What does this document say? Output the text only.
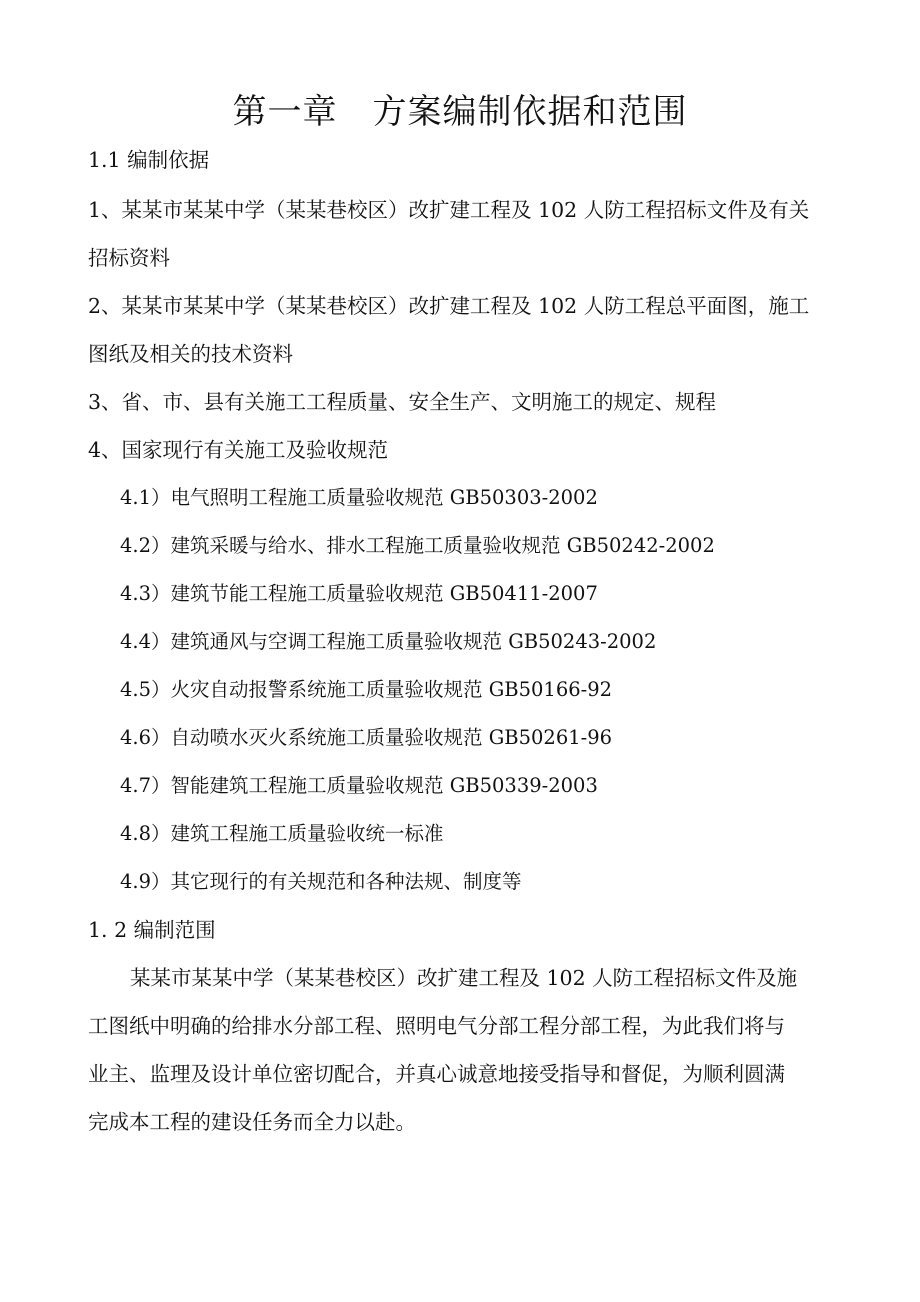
第一章　方案编制依据和范围
1.1 编制依据
1、某某市某某中学（某某巷校区）改扩建工程及 102 人防工程招标文件及有关
招标资料
2、某某市某某中学（某某巷校区）改扩建工程及 102 人防工程总平面图，施工
图纸及相关的技术资料
3、省、市、县有关施工工程质量、安全生产、文明施工的规定、规程
4、国家现行有关施工及验收规范
4.1）电气照明工程施工质量验收规范 GB50303-2002
4.2）建筑采暖与给水、排水工程施工质量验收规范 GB50242-2002
4.3）建筑节能工程施工质量验收规范 GB50411-2007
4.4）建筑通风与空调工程施工质量验收规范 GB50243-2002
4.5）火灾自动报警系统施工质量验收规范 GB50166-92
4.6）自动喷水灭火系统施工质量验收规范 GB50261-96
4.7）智能建筑工程施工质量验收规范 GB50339-2003
4.8）建筑工程施工质量验收统一标准
4.9）其它现行的有关规范和各种法规、制度等
1. 2 编制范围
某某市某某中学（某某巷校区）改扩建工程及 102 人防工程招标文件及施
工图纸中明确的给排水分部工程、照明电气分部工程分部工程，为此我们将与
业主、监理及设计单位密切配合，并真心诚意地接受指导和督促，为顺利圆满
完成本工程的建设任务而全力以赴。
